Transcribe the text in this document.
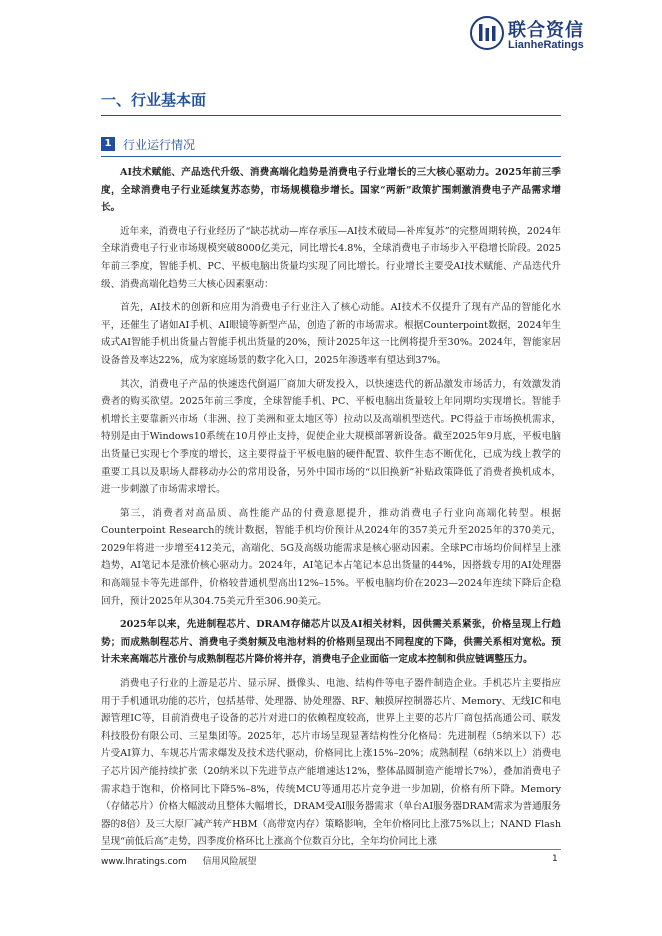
联合资信
LianheRatings
一、行业基本面
1 行业运行情况

AI技术赋能、产品迭代升级、消费高端化趋势是消费电子行业增长的三大核心驱动力。2025年前三季度，全球消费电子行业延续复苏态势，市场规模稳步增长。国家“两新”政策扩围刺激消费电子产品需求增长。

近年来，消费电子行业经历了“缺芯扰动—库存承压—AI技术破局—补库复苏”的完整周期转换，2024年全球消费电子行业市场规模突破8000亿美元，同比增长4.8%，全球消费电子市场步入平稳增长阶段。2025年前三季度，智能手机、PC、平板电脑出货量均实现了同比增长。行业增长主要受AI技术赋能、产品迭代升级、消费高端化趋势三大核心因素驱动：

首先，AI技术的创新和应用为消费电子行业注入了核心动能。AI技术不仅提升了现有产品的智能化水平，还催生了诸如AI手机、AI眼镜等新型产品，创造了新的市场需求。根据Counterpoint数据，2024年生成式AI智能手机出货量占智能手机出货量的20%，预计2025年这一比例将提升至30%。2024年，智能家居设备普及率达22%，成为家庭场景的数字化入口，2025年渗透率有望达到37%。

其次，消费电子产品的快速迭代倒逼厂商加大研发投入，以快速迭代的新品激发市场活力，有效激发消费者的购买欲望。2025年前三季度，全球智能手机、PC、平板电脑出货量较上年同期均实现增长。智能手机增长主要靠新兴市场（非洲、拉丁美洲和亚太地区等）拉动以及高端机型迭代。PC得益于市场换机需求，特别是由于Windows10系统在10月停止支持，促使企业大规模部署新设备。截至2025年9月底，平板电脑出货量已实现七个季度的增长，这主要得益于平板电脑的硬件配置、软件生态不断优化，已成为线上教学的重要工具以及职场人群移动办公的常用设备，另外中国市场的“以旧换新”补贴政策降低了消费者换机成本，进一步刺激了市场需求增长。

第三，消费者对高品质、高性能产品的付费意愿提升，推动消费电子行业向高端化转型。根据Counterpoint Research的统计数据，智能手机均价预计从2024年的357美元升至2025年的370美元，2029年将进一步增至412美元，高端化、5G及高级功能需求是核心驱动因素。全球PC市场均价间样呈上涨趋势，AI笔记本是涨价核心驱动力。2024年，AI笔记本占笔记本总出货量的44%，因搭载专用的AI处理器和高端显卡等先进部件，价格较普通机型高出12%–15%。平板电脑均价在2023—2024年连续下降后企稳回升，预计2025年从304.75美元升至306.90美元。

2025年以来，先进制程芯片、DRAM存储芯片以及AI相关材料，因供需关系紧张，价格呈现上行趋势；而成熟制程芯片、消费电子类射频及电池材料的价格则呈现出不同程度的下降，供需关系相对宽松。预计未来高端芯片涨价与成熟制程芯片降价将并存，消费电子企业面临一定成本控制和供应链调整压力。

消费电子行业的上游是芯片、显示屏、摄像头、电池、结构件等电子器件制造企业。手机芯片主要指应用于手机通讯功能的芯片，包括基带、处理器、协处理器、RF、触摸屏控制器芯片、Memory、无线IC和电源管理IC等，目前消费电子设备的芯片对进口的依赖程度较高，世界上主要的芯片厂商包括高通公司、联发科技股份有限公司、三星集团等。2025年，芯片市场呈现显著结构性分化格局：先进制程（5纳米以下）芯片受AI算力、车规芯片需求爆发及技术迭代驱动，价格同比上涨15%–20%；成熟制程（6纳米以上）消费电子芯片因产能持续扩张（20纳米以下先进节点产能增速达12%，整体晶圆制造产能增长7%），叠加消费电子需求趋于饱和，价格同比下降5%–8%，传统MCU等通用芯片竞争进一步加剧，价格有所下降。Memory（存储芯片）价格大幅波动且整体大幅增长，DRAM受AI服务器需求（单台AI服务器DRAM需求为普通服务器的8倍）及三大原厂减产转产HBM（高带宽内存）策略影响，全年价格同比上涨75%以上；NAND Flash呈现“前低后高”走势，四季度价格环比上涨高个位数百分比，全年均价同比上涨

www.lhratings.com 信用风险展望	1
